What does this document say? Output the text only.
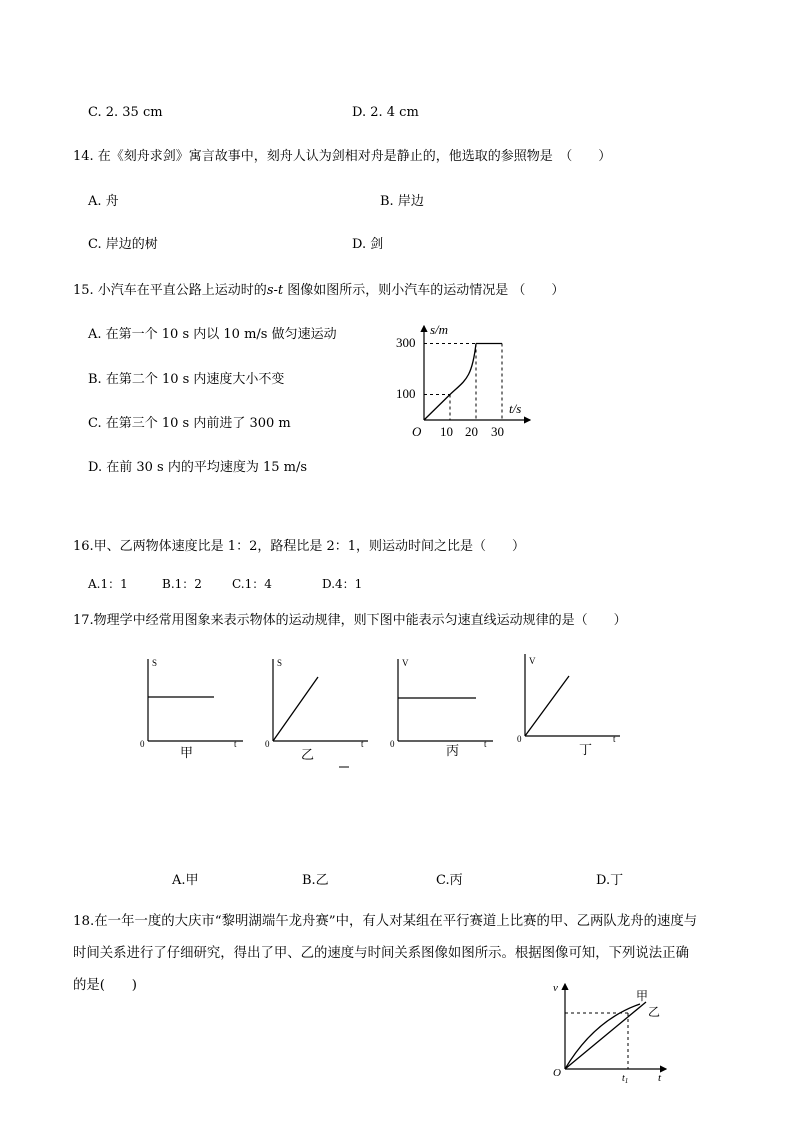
C. 2. 35 cm	D. 2. 4 cm
14. 在《刻舟求剑》寓言故事中，刻舟人认为剑相对舟是静止的，他选取的参照物是　（　　）
A. 舟	B. 岸边
C. 岸边的树	D. 剑
15. 小汽车在平直公路上运动时的s-t 图像如图所示，则小汽车的运动情况是 （　　）
A. 在第一个 10 s 内以 10 m/s 做匀速运动
B. 在第二个 10 s 内速度大小不变
C. 在第三个 10 s 内前进了 300 m
D. 在前 30 s 内的平均速度为 15 m/s
s/m
t/s
300
100
O 10 20 30
16.甲、乙两物体速度比是 1：2，路程比是 2：1，则运动时间之比是（　　）
A.1：1	B.1：2	C.1：4	D.4：1
17.物理学中经常用图象来表示物体的运动规律，则下图中能表示匀速直线运动规律的是（　　）
S
t
0
甲
S
t
0
乙
V
t
0	丙
V
t
0
丁
A.甲	B.乙	C.丙	D.丁
18.在一年一度的大庆市“黎明湖端午龙舟赛”中，有人对某组在平行赛道上比赛的甲、乙两队龙舟的速度与
时间关系进行了仔细研究，得出了甲、乙的速度与时间关系图像如图所示。根据图像可知，下列说法正确
的是(　　)	v
t
O	$t_1$
甲
乙
